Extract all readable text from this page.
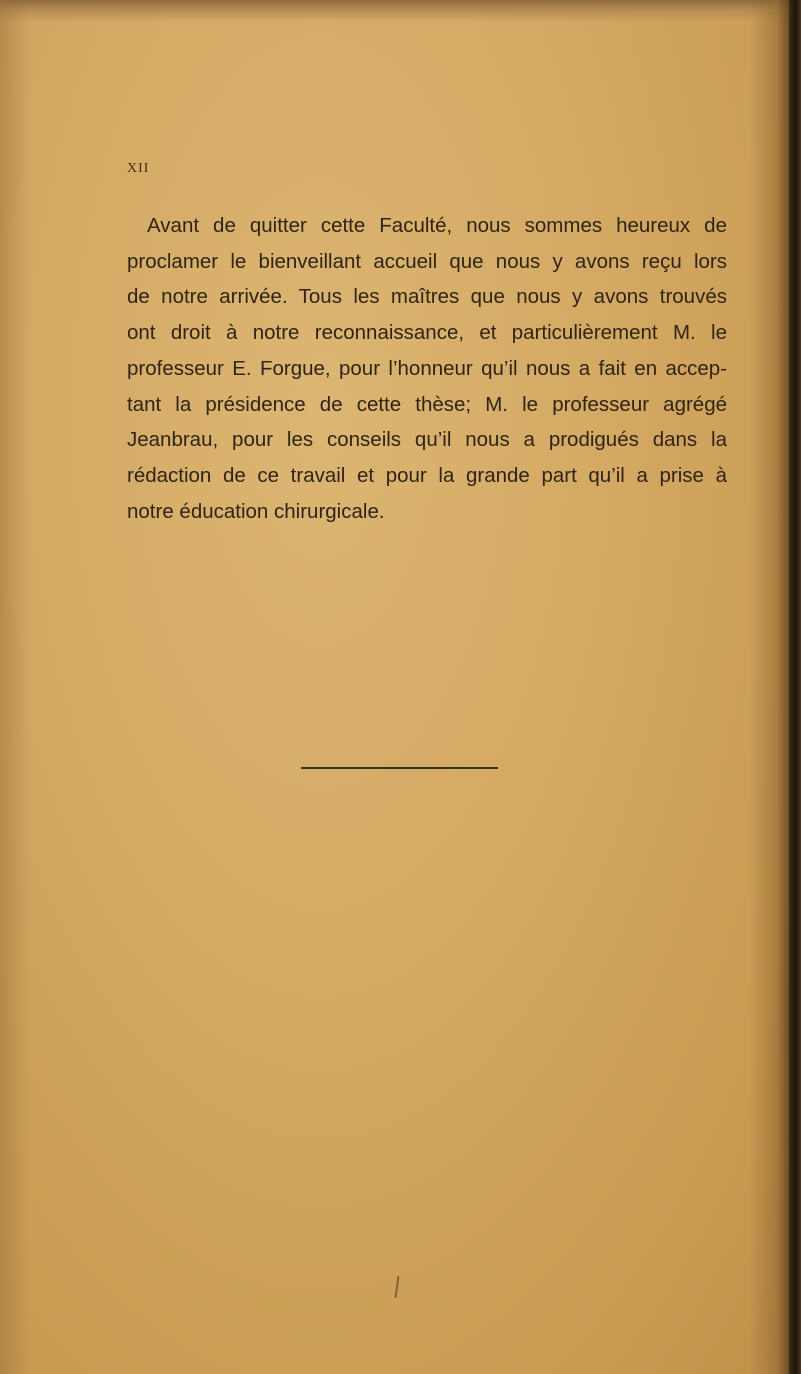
XII
Avant de quitter cette Faculté, nous sommes heureux de
proclamer le bienveillant accueil que nous y avons reçu lors
de notre arrivée. Tous les maîtres que nous y avons trouvés
ont droit à notre reconnaissance, et particulièrement M. le
professeur E. Forgue, pour l’honneur qu’il nous a fait en accep-
tant la présidence de cette thèse; M. le professeur agrégé
Jeanbrau, pour les conseils qu’il nous a prodigués dans la
rédaction de ce travail et pour la grande part qu’il a prise à
notre éducation chirurgicale.
